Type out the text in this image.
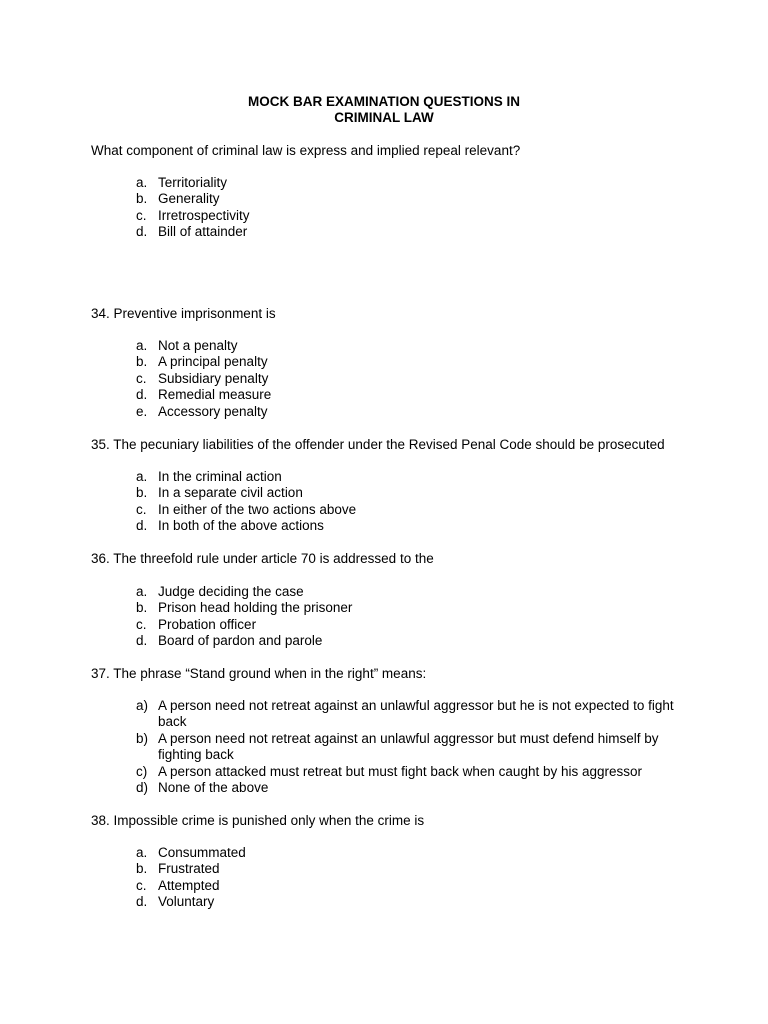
MOCK BAR EXAMINATION QUESTIONS IN
CRIMINAL LAW
What component of criminal law is express and implied repeal relevant?
a. Territoriality
b. Generality
c. Irretrospectivity
d. Bill of attainder
34. Preventive imprisonment is
a. Not a penalty
b. A principal penalty
c. Subsidiary penalty
d. Remedial measure
e. Accessory penalty
35. The pecuniary liabilities of the offender under the Revised Penal Code should be prosecuted
a. In the criminal action
b. In a separate civil action
c. In either of the two actions above
d. In both of the above actions
36. The threefold rule under article 70 is addressed to the
a. Judge deciding the case
b. Prison head holding the prisoner
c. Probation officer
d. Board of pardon and parole
37. The phrase “Stand ground when in the right” means:
a) A person need not retreat against an unlawful aggressor but he is not expected to fight back
b) A person need not retreat against an unlawful aggressor but must defend himself by fighting back
c) A person attacked must retreat but must fight back when caught by his aggressor
d) None of the above
38. Impossible crime is punished only when the crime is
a. Consummated
b. Frustrated
c. Attempted
d. Voluntary
